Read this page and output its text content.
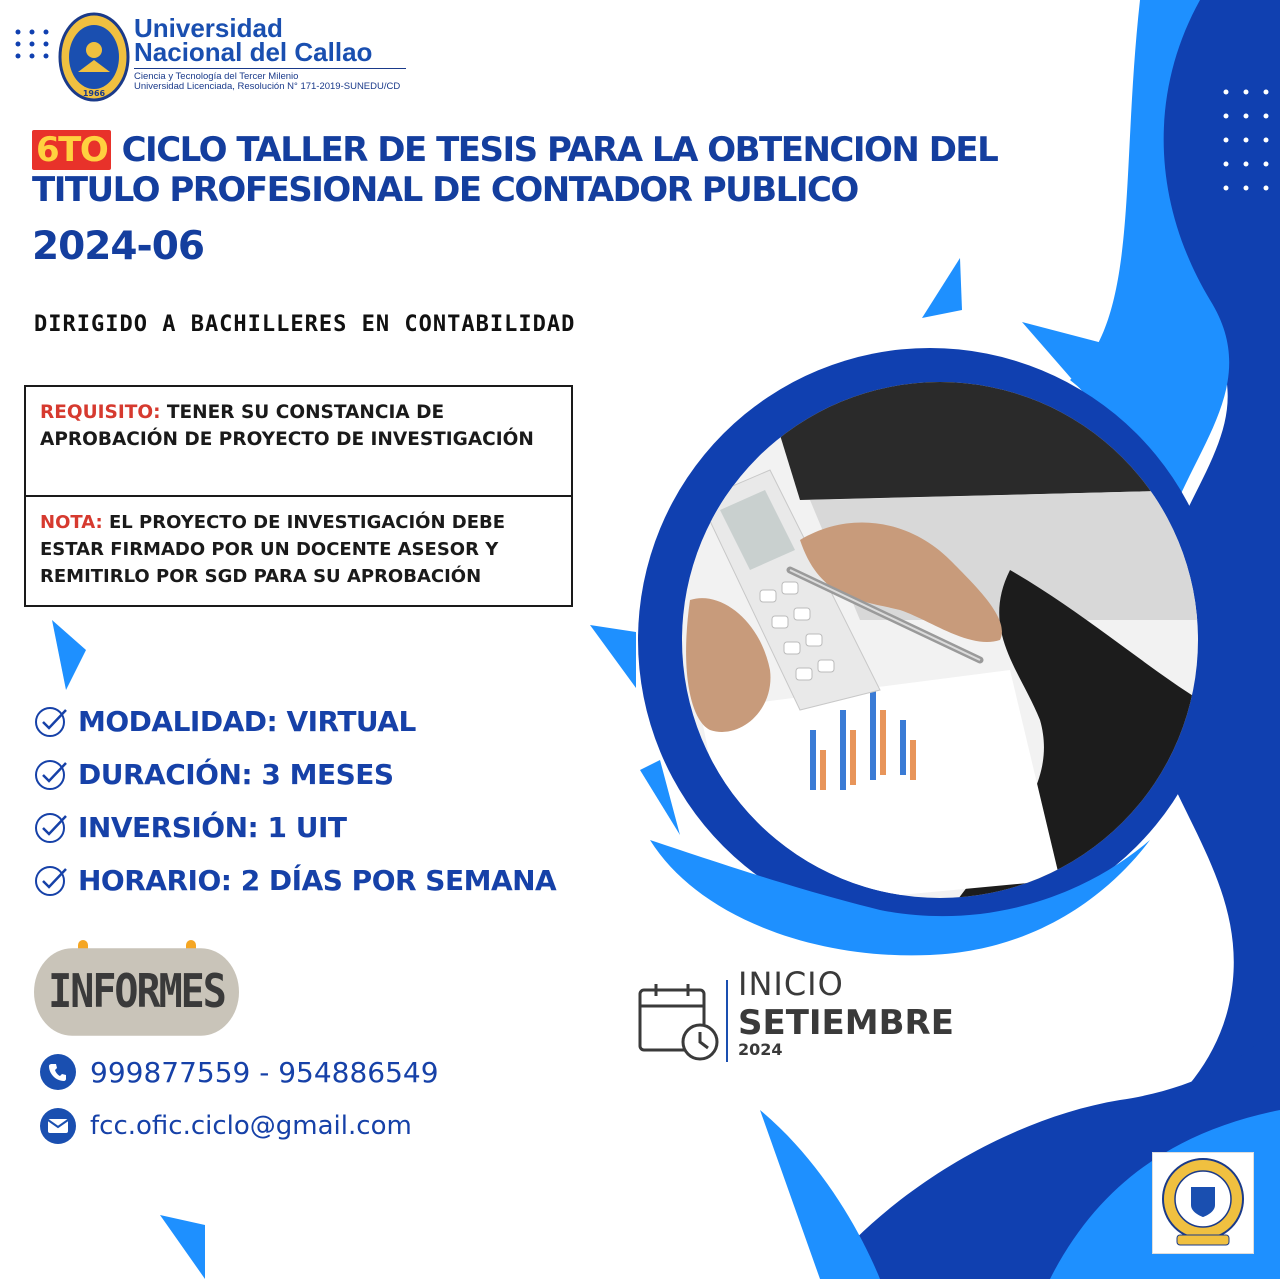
1966
Universidad
Nacional del Callao
Ciencia y Tecnología del Tercer Milenio
Universidad Licenciada, Resolución N° 171-2019-SUNEDU/CD
6TO CICLO TALLER DE TESIS PARA LA OBTENCION DEL
TITULO PROFESIONAL DE CONTADOR PUBLICO
2024-06
DIRIGIDO A BACHILLERES EN CONTABILIDAD
REQUISITO: TENER SU CONSTANCIA DE APROBACIÓN DE PROYECTO DE INVESTIGACIÓN
NOTA: EL PROYECTO DE INVESTIGACIÓN DEBE ESTAR FIRMADO POR UN DOCENTE ASESOR Y REMITIRLO POR SGD PARA SU APROBACIÓN
MODALIDAD: VIRTUAL
DURACIÓN: 3 MESES
INVERSIÓN: 1 UIT
HORARIO: 2 DÍAS POR SEMANA
INFORMES
999877559 - 954886549
fcc.ofic.ciclo@gmail.com
INICIO
SETIEMBRE
2024
